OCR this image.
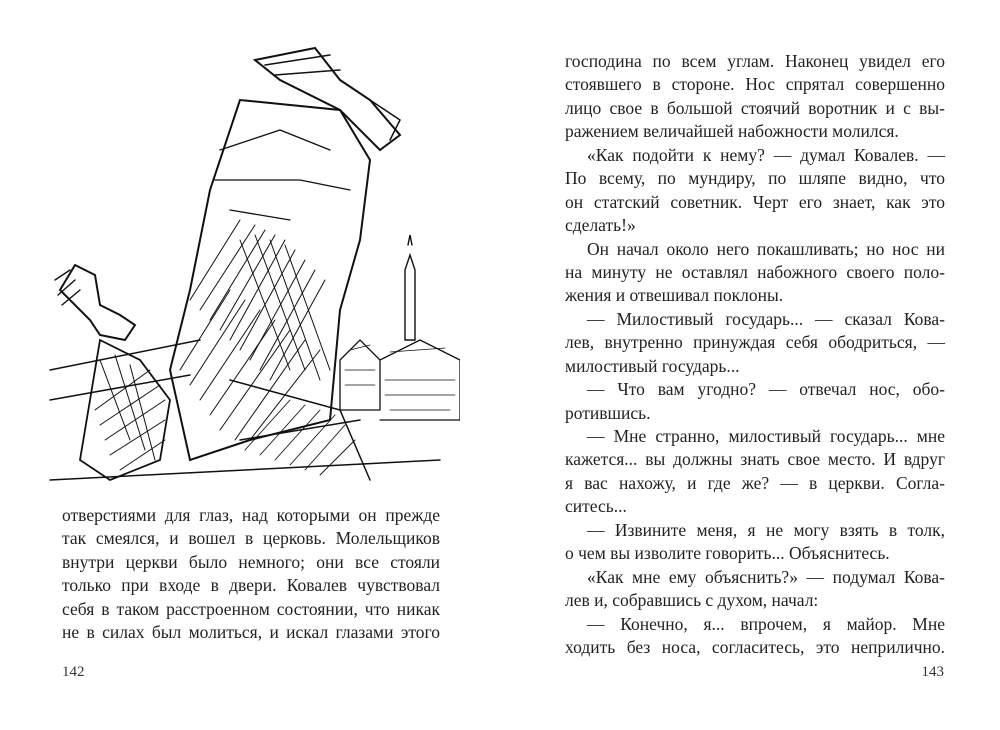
отверстиями для глаз, над которыми он прежде
так смеялся, и вошел в церковь. Молельщиков
внутри церкви было немного; они все стояли
только при входе в двери. Ковалев чувствовал
себя в таком расстроенном состоянии, что никак
не в силах был молиться, и искал глазами этого
господина по всем углам. Наконец увидел его
стоявшего в стороне. Нос спрятал совершенно
лицо свое в большой стоячий воротник и с вы-
ражением величайшей набожности молился.
«Как подойти к нему? — думал Ковалев. —
По всему, по мундиру, по шляпе видно, что
он статский советник. Черт его знает, как это
сделать!»
Он начал около него покашливать; но нос ни
на минуту не оставлял набожного своего поло-
жения и отвешивал поклоны.
— Милостивый государь... — сказал Кова-
лев, внутренно принуждая себя ободриться, —
милостивый государь...
— Что вам угодно? — отвечал нос, обо-
ротившись.
— Мне странно, милостивый государь... мне
кажется... вы должны знать свое место. И вдруг
я вас нахожу, и где же? — в церкви. Согла-
ситесь...
— Извините меня, я не могу взять в толк,
о чем вы изволите говорить... Объяснитесь.
«Как мне ему объяснить?» — подумал Кова-
лев и, собравшись с духом, начал:
— Конечно, я... впрочем, я майор. Мне
ходить без носа, согласитесь, это неприлично.
142	143
